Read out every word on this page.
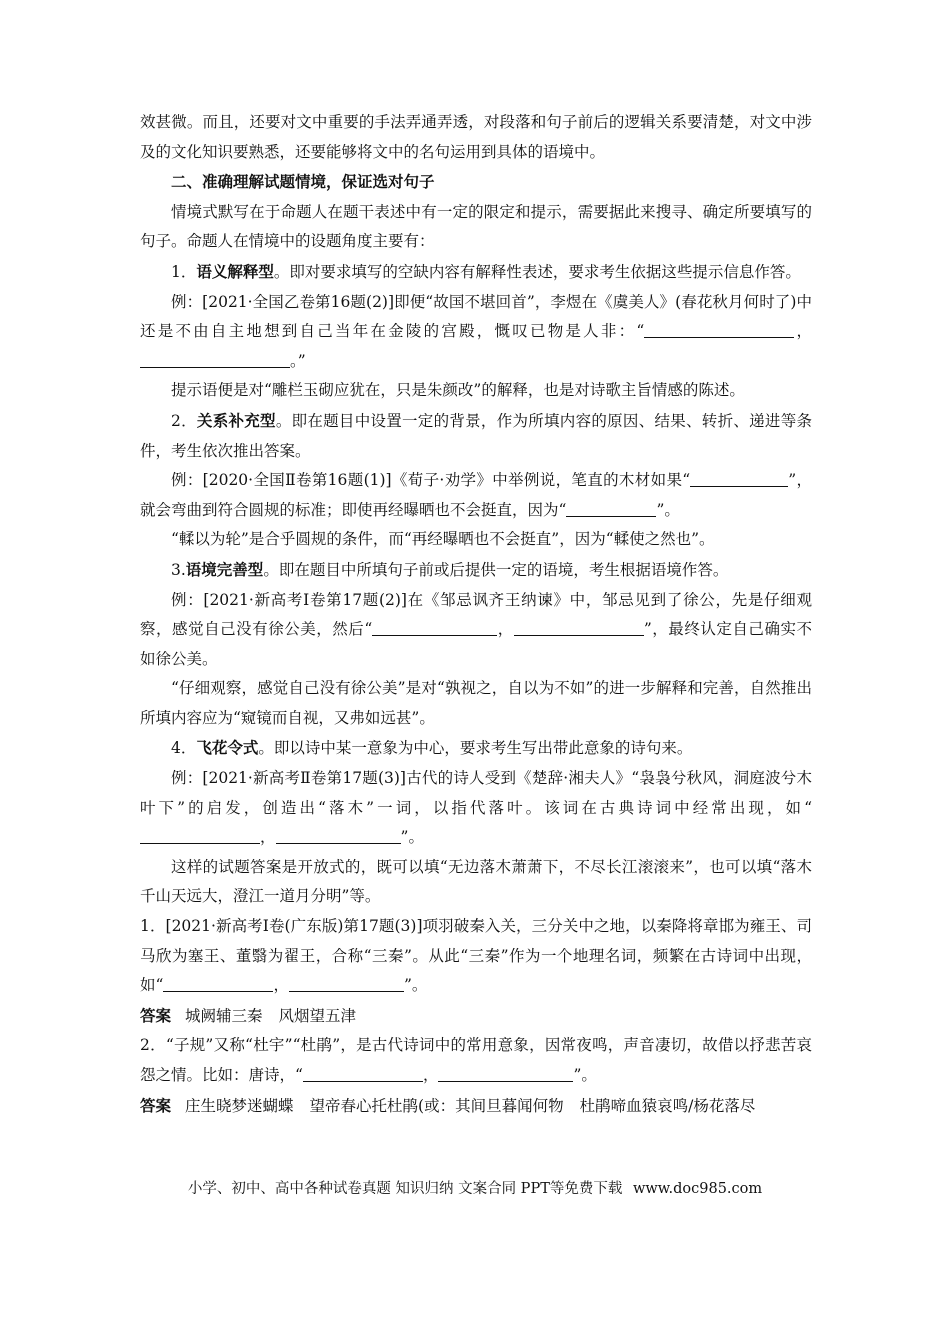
效甚微。而且，还要对文中重要的手法弄通弄透，对段落和句子前后的逻辑关系要清楚，对文中涉及的文化知识要熟悉，还要能够将文中的名句运用到具体的语境中。

二、准确理解试题情境，保证选对句子

情境式默写在于命题人在题干表述中有一定的限定和提示，需要据此来搜寻、确定所要填写的句子。命题人在情境中的设题角度主要有：

1．语义解释型。即对要求填写的空缺内容有解释性表述，要求考生依据这些提示信息作答。

例：[2021·全国乙卷第16题(2)]即便“故国不堪回首”，李煜在《虞美人》(春花秋月何时了)中还是不由自主地想到自己当年在金陵的宫殿，慨叹已物是人非：“	，。”

提示语便是对“雕栏玉砌应犹在，只是朱颜改”的解释，也是对诗歌主旨情感的陈述。

2．关系补充型。即在题目中设置一定的背景，作为所填内容的原因、结果、转折、递进等条件，考生依次推出答案。

例：[2020·全国Ⅱ卷第16题(1)]《荀子·劝学》中举例说，笔直的木材如果“	”，就会弯曲到符合圆规的标准；即使再经曝晒也不会挺直，因为“	”。

“輮以为轮”是合乎圆规的条件，而“再经曝晒也不会挺直”，因为“輮使之然也”。

3.语境完善型。即在题目中所填句子前或后提供一定的语境，考生根据语境作答。

例：[2021·新高考Ⅰ卷第17题(2)]在《邹忌讽齐王纳谏》中，邹忌见到了徐公，先是仔细观察，感觉自己没有徐公美，然后“	，	”，最终认定自己确实不如徐公美。

“仔细观察，感觉自己没有徐公美”是对“孰视之，自以为不如”的进一步解释和完善，自然推出所填内容应为“窥镜而自视，又弗如远甚”。

4．飞花令式。即以诗中某一意象为中心，要求考生写出带此意象的诗句来。

例：[2021·新高考Ⅱ卷第17题(3)]古代的诗人受到《楚辞·湘夫人》“袅袅兮秋风，洞庭波兮木叶下”的启发，创造出“落木”一词，以指代落叶。该词在古典诗词中经常出现，如“，	”。

这样的试题答案是开放式的，既可以填“无边落木萧萧下，不尽长江滚滚来”，也可以填“落木千山天远大，澄江一道月分明”等。

1．[2021·新高考Ⅰ卷(广东版)第17题(3)]项羽破秦入关，三分关中之地，以秦降将章邯为雍王、司马欣为塞王、董翳为翟王，合称“三秦”。从此“三秦”作为一个地理名词，频繁在古诗词中出现，如“	，	”。

答案 城阙辅三秦 风烟望五津

2．“子规”又称“杜宇”“杜鹃”，是古代诗词中的常用意象，因常夜鸣，声音凄切，故借以抒悲苦哀怨之情。比如：唐诗，“	，	”。

答案 庄生晓梦迷蝴蝶 望帝春心托杜鹃(或：其间旦暮闻何物 杜鹃啼血猿哀鸣/杨花落尽

小学、初中、高中各种试卷真题 知识归纳 文案合同 PPT等免费下载 www.doc985.com
